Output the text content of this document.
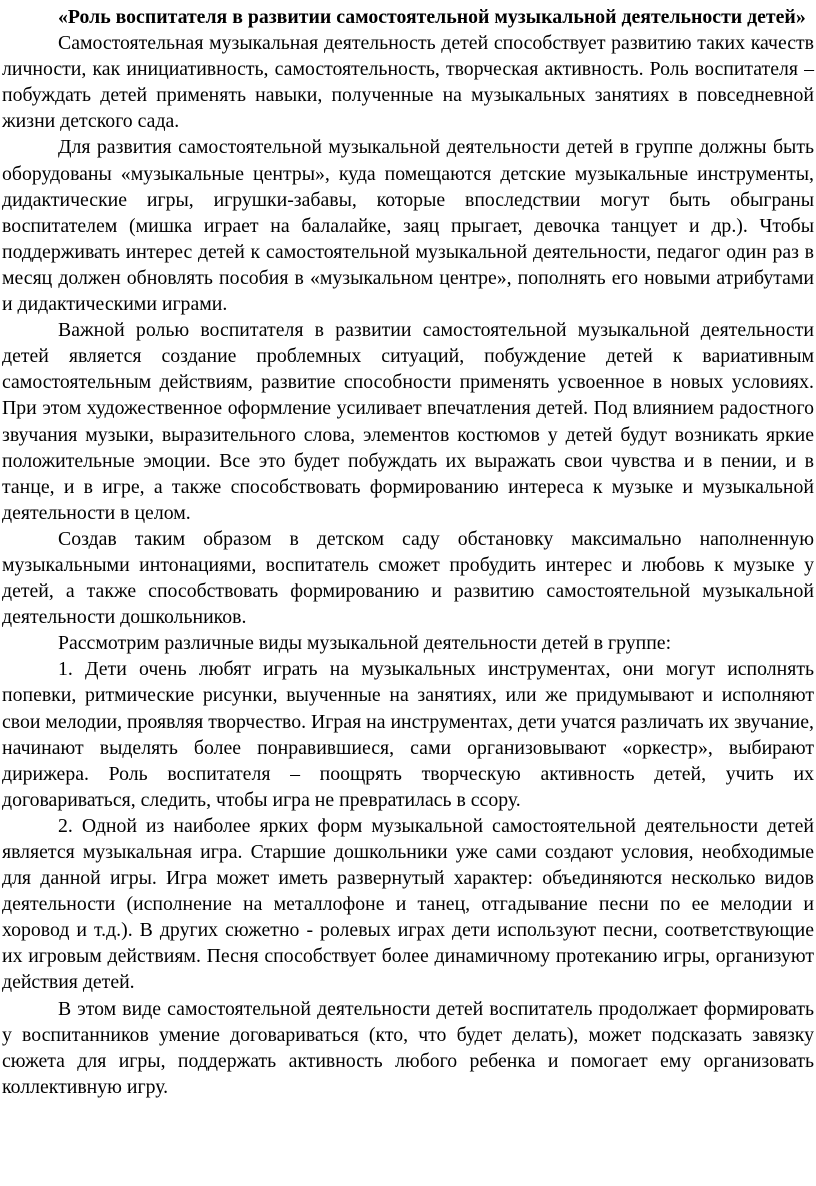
«Роль воспитателя в развитии самостоятельной музыкальной деятельности детей»

Самостоятельная музыкальная деятельность детей способствует развитию таких качеств личности, как инициативность, самостоятельность, творческая активность. Роль воспитателя – побуждать детей применять навыки, полученные на музыкальных занятиях в повседневной жизни детского сада.

Для развития самостоятельной музыкальной деятельности детей в группе должны быть оборудованы «музыкальные центры», куда помещаются детские музыкальные инструменты, дидактические игры, игрушки-забавы, которые впоследствии могут быть обыграны воспитателем (мишка играет на балалайке, заяц прыгает, девочка танцует и др.). Чтобы поддерживать интерес детей к самостоятельной музыкальной деятельности, педагог один раз в месяц должен обновлять пособия в «музыкальном центре», пополнять его новыми атрибутами и дидактическими играми.

Важной ролью воспитателя в развитии самостоятельной музыкальной деятельности детей является создание проблемных ситуаций, побуждение детей к вариативным самостоятельным действиям, развитие способности применять усвоенное в новых условиях. При этом художественное оформление усиливает впечатления детей. Под влиянием радостного звучания музыки, выразительного слова, элементов костюмов у детей будут возникать яркие положительные эмоции. Все это будет побуждать их выражать свои чувства и в пении, и в танце, и в игре, а также способствовать формированию интереса к музыке и музыкальной деятельности в целом.

Создав таким образом в детском саду обстановку максимально наполненную музыкальными интонациями, воспитатель сможет пробудить интерес и любовь к музыке у детей, а также способствовать формированию и развитию самостоятельной музыкальной деятельности дошкольников.

Рассмотрим различные виды музыкальной деятельности детей в группе:

1. Дети очень любят играть на музыкальных инструментах, они могут исполнять попевки, ритмические рисунки, выученные на занятиях, или же придумывают и исполняют свои мелодии, проявляя творчество. Играя на инструментах, дети учатся различать их звучание, начинают выделять более понравившиеся, сами организовывают «оркестр», выбирают дирижера. Роль воспитателя – поощрять творческую активность детей, учить их договариваться, следить, чтобы игра не превратилась в ссору.

2. Одной из наиболее ярких форм музыкальной самостоятельной деятельности детей является музыкальная игра. Старшие дошкольники уже сами создают условия, необходимые для данной игры. Игра может иметь развернутый характер: объединяются несколько видов деятельности (исполнение на металлофоне и танец, отгадывание песни по ее мелодии и хоровод и т.д.). В других сюжетно - ролевых играх дети используют песни, соответствующие их игровым действиям. Песня способствует более динамичному протеканию игры, организуют действия детей.

В этом виде самостоятельной деятельности детей воспитатель продолжает формировать у воспитанников умение договариваться (кто, что будет делать), может подсказать завязку сюжета для игры, поддержать активность любого ребенка и помогает ему организовать коллективную игру.
